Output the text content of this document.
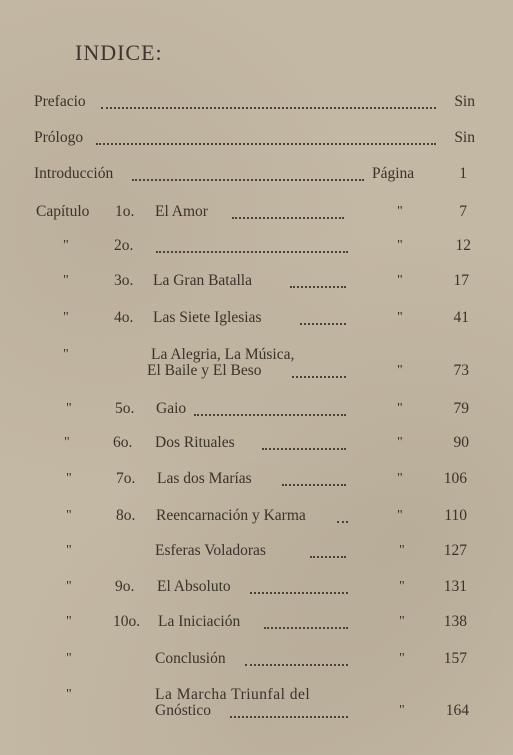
INDICE:
Prefacio	Sin
Prólogo	Sin
Introducción	Página	1
Capítulo 1o. El Amor	"	7
"	2o.	"	12
"	3o. La Gran Batalla	"	17
"	4o. Las Siete Iglesias	"	41
"	La Alegria, La Música,
El Baile y El Beso	"	73
"	5o. Gaio	"	79
"	6o. Dos Rituales	"	90
"	7o. Las dos Marías	"	106
"	8o. Reencarnación y Karma	"	110
"	Esferas Voladoras	"	127
"	9o. El Absoluto	"	131
"	10o. La Iniciación	"	138
"	Conclusión	"	157
"	La Marcha Triunfal del
Gnóstico	"	164
